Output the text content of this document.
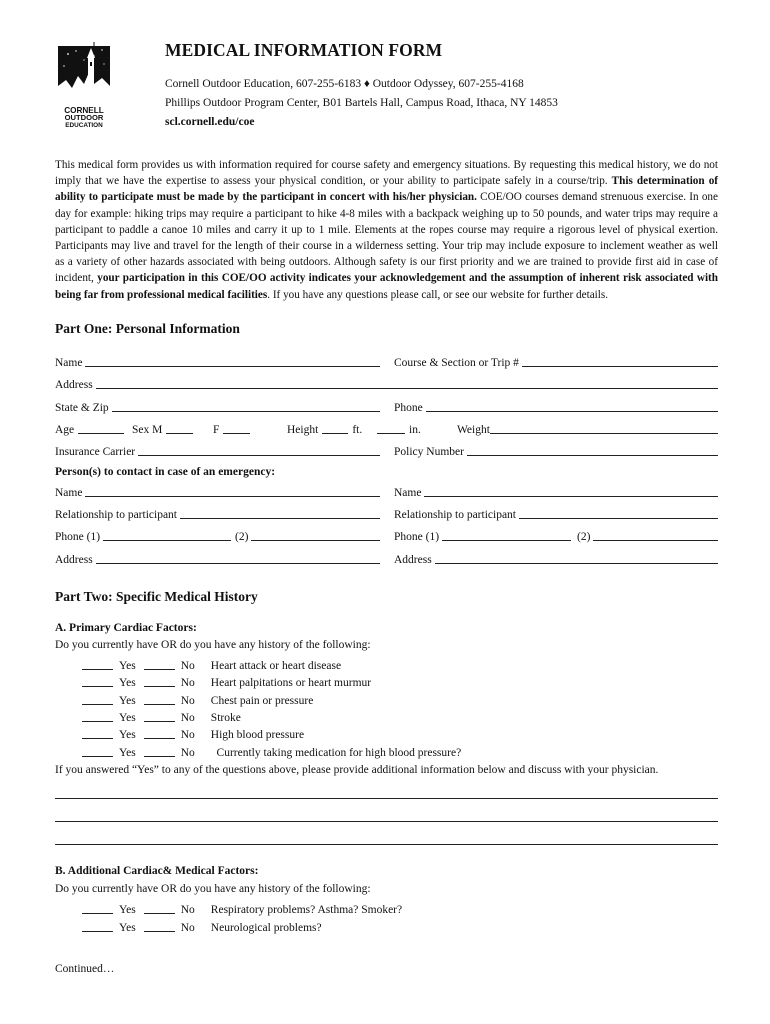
CORNELL
OUTDOOR
EDUCATION
MEDICAL INFORMATION FORM
Cornell Outdoor Education, 607-255-6183 ♦ Outdoor Odyssey, 607-255-4168
Phillips Outdoor Program Center, B01 Bartels Hall, Campus Road, Ithaca, NY 14853
scl.cornell.edu/coe
This medical form provides us with information required for course safety and emergency situations. By requesting this medical history, we do not imply that we have the expertise to assess your physical condition, or your ability to participate safely in a course/trip. This determination of ability to participate must be made by the participant in concert with his/her physician. COE/OO courses demand strenuous exercise. In one day for example: hiking trips may require a participant to hike 4-8 miles with a backpack weighing up to 50 pounds, and water trips may require a participant to paddle a canoe 10 miles and carry it up to 1 mile. Elements at the ropes course may require a rigorous level of physical exertion. Participants may live and travel for the length of their course in a wilderness setting. Your trip may include exposure to inclement weather as well as a variety of other hazards associated with being outdoors. Although safety is our first priority and we are trained to provide first aid in case of incident, your participation in this COE/OO activity indicates your acknowledgement and the assumption of inherent risk associated with being far from professional medical facilities. If you have any questions please call, or see our website for further details.
Part One: Personal Information
Name	Course & Section or Trip #
Address
State & Zip	Phone
Age	Sex M	F	Height	ft.	in.	Weight
Insurance Carrier	Policy Number
Person(s) to contact in case of an emergency:
Name	Name
Relationship to participant	Relationship to participant
Phone (1)	(2)	Phone (1)	(2)
Address	Address
Part Two: Specific Medical History
A. Primary Cardiac Factors:
Do you currently have OR do you have any history of the following:
Yes	No Heart attack or heart disease
Yes	No Heart palpitations or heart murmur
Yes	No Chest pain or pressure
Yes	No Stroke
Yes	No High blood pressure
Yes	No Currently taking medication for high blood pressure?
If you answered “Yes” to any of the questions above, please provide additional information below and discuss with your physician.
B. Additional Cardiac& Medical Factors:
Do you currently have OR do you have any history of the following:
Yes	No Respiratory problems? Asthma? Smoker?
Yes	No Neurological problems?
Continued…
